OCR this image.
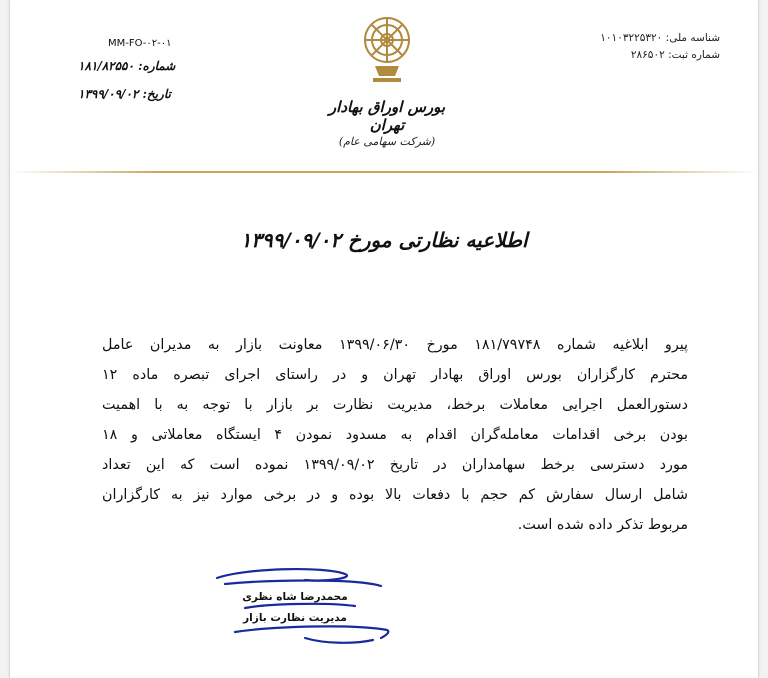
شناسه ملی: ۱۰۱۰۳۲۲۵۳۲۰
شماره ثبت: ۲۸۶۵۰۲
بورس اوراق بهادار تهران
(شرکت سهامی عام)
MM-FO-۰۲-۰۱
شماره: ۱۸۱/۸۲۵۵۰
تاریخ: ۱۳۹۹/۰۹/۰۲
اطلاعیه نظارتی مورخ ۱۳۹۹/۰۹/۰۲
پیرو ابلاغیه شماره ۱۸۱/۷۹۷۴۸ مورخ ۱۳۹۹/۰۶/۳۰ معاونت بازار به مدیران عامل
محترم کارگزاران بورس اوراق بهادار تهران و در راستای اجرای تبصره ماده ۱۲
دستورالعمل اجرایی معاملات برخط، مدیریت نظارت بر بازار با توجه به با اهمیت
بودن برخی اقدامات معامله‌گران اقدام به مسدود نمودن ۴ ایستگاه معاملاتی و ۱۸
مورد دسترسی برخط سهامداران در تاریخ ۱۳۹۹/۰۹/۰۲ نموده است که این تعداد
شامل ارسال سفارش کم حجم با دفعات بالا بوده و در برخی موارد نیز به کارگزاران
مربوط تذکر داده شده است.
محمدرضا شاه نظری
مدیریت نظارت بازار
